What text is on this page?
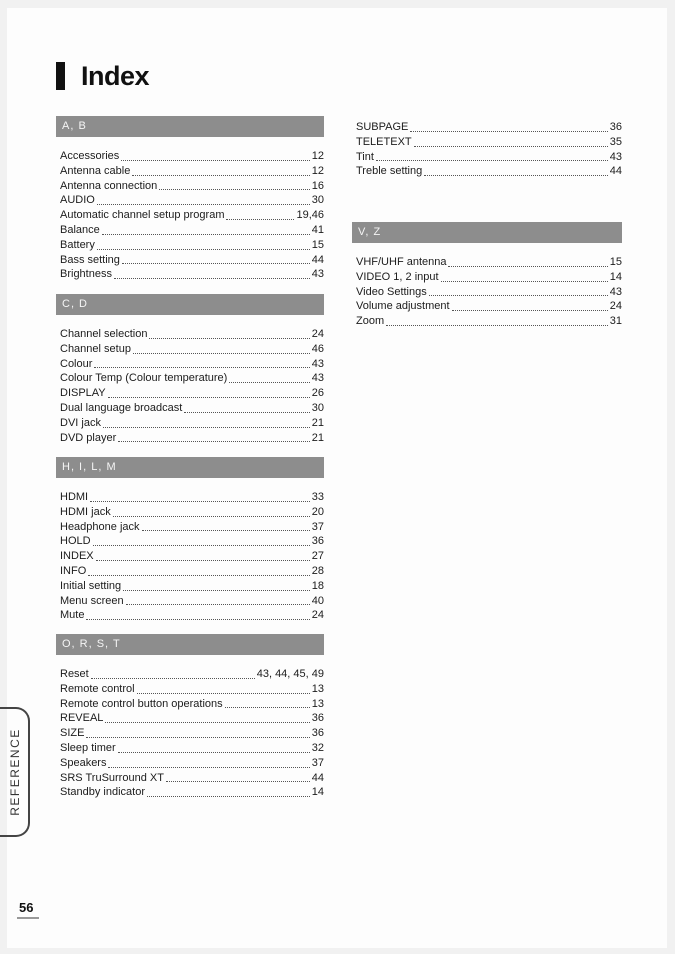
Index
A, B
Accessories	12
Antenna cable	12
Antenna connection	16
AUDIO	30
Automatic channel setup program	19,46
Balance	41
Battery	15
Bass setting	44
Brightness	43
C, D
Channel selection	24
Channel setup	46
Colour	43
Colour Temp (Colour temperature)	43
DISPLAY	26
Dual language broadcast	30
DVI jack	21
DVD player	21
H, I, L, M
HDMI	33
HDMI jack	20
Headphone jack	37
HOLD	36
INDEX	27
INFO	28
Initial setting	18
Menu screen	40
Mute	24
O, R, S, T
Reset	43, 44, 45, 49
Remote control	13
Remote control button operations	13
REVEAL	36
SIZE	36
Sleep timer	32
Speakers	37
SRS TruSurround XT	44
Standby indicator	14
SUBPAGE	36
TELETEXT	35
Tint	43
Treble setting	44
V, Z
VHF/UHF antenna	15
VIDEO 1, 2 input	14
Video Settings	43
Volume adjustment	24
Zoom	31
REFERENCE
56
